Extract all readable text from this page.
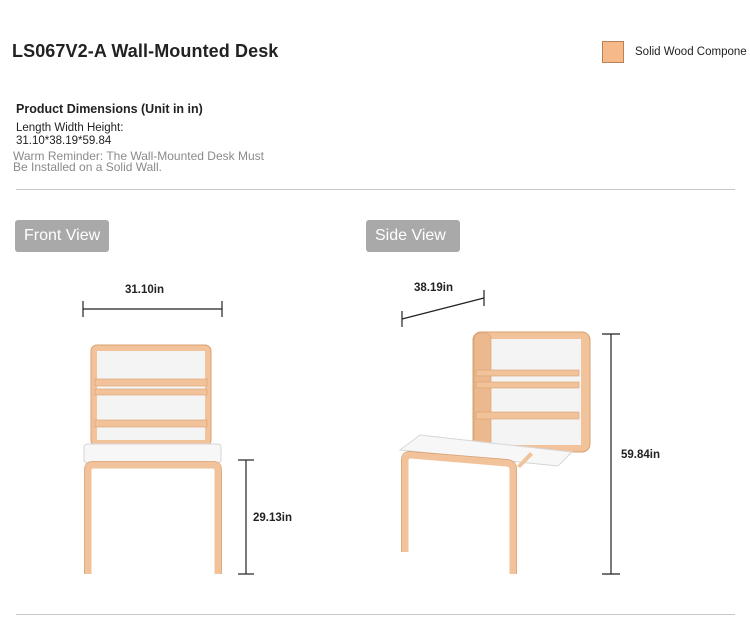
LS067V2-A Wall-Mounted Desk	Solid Wood Compone
Product Dimensions (Unit in in)
Length Width Height:
31.10*38.19*59.84
Warm Reminder: The Wall-Mounted Desk Must
Be Installed on a Solid Wall.
Front View	Side View
31.10in
29.13in
38.19in
59.84in
